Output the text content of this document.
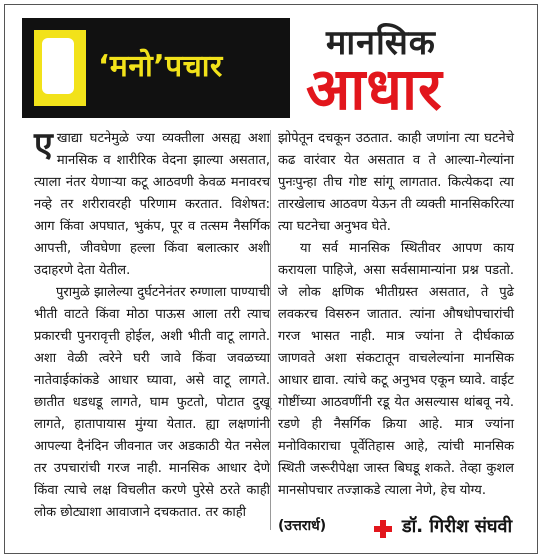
‘मनो’पचार
मानसिक
आधार

ए खाद्या घटनेमुळे ज्या व्यक्तीला असह्य अशा मानसिक व शारीरिक वेदना झाल्या असतात, त्याला नंतर येणाऱ्या कटू आठवणी केवळ मनावरच नव्हे तर शरीरावरही परिणाम करतात. विशेषत: आग किंवा अपघात, भुकंप, पूर व तत्सम नैसर्गिक आपत्ती, जीवघेणा हल्ला किंवा बलात्कार अशी उदाहरणे देता येतील.

पुरामुळे झालेल्या दुर्घटनेनंतर रुग्णाला पाण्याची भीती वाटते किंवा मोठा पाऊस आला तरी त्याच प्रकारची पुनरावृत्ती होईल, अशी भीती वाटू लागते. अशा वेळी त्वरेने घरी जावे किंवा जवळच्या नातेवाईकांकडे आधार घ्यावा, असे वाटू लागते. छातीत धडधडू लागते, घाम फुटतो, पोटात दुखू लागते, हातापायास मुंग्या येतात. ह्या लक्षणांनी आपल्या दैनंदिन जीवनात जर अडकाठी येत नसेल तर उपचारांची गरज नाही. मानसिक आधार देणे किंवा त्याचे लक्ष विचलीत करणे पुरेसे ठरते काही लोक छोट्याशा आवाजाने दचकतात. तर काही

झोपेतून दचकून उठतात. काही जणांना त्या घटनेचे कढ वारंवार येत असतात व ते आल्या-गेल्यांना पुनःपुन्हा तीच गोष्ट सांगू लागतात. कित्येकदा त्या तारखेलाच आठवण येऊन ती व्यक्ती मानसिकरित्या त्या घटनेचा अनुभव घेते.

या सर्व मानसिक स्थितीवर आपण काय करायला पाहिजे, असा सर्वसामान्यांना प्रश्न पडतो. जे लोक क्षणिक भीतीग्रस्त असतात, ते पुढे लवकरच विसरुन जातात. त्यांना औषधोपचारांची गरज भासत नाही. मात्र ज्यांना ते दीर्घकाळ जाणवते अशा संकटातून वाचलेल्यांना मानसिक आधार द्यावा. त्यांचे कटू अनुभव एकून घ्यावे. वाईट गोष्टींच्या आठवणींनी रडू येत असल्यास थांबवू नये. रडणे ही नैसर्गिक क्रिया आहे. मात्र ज्यांना मनोविकाराचा पूर्वेतिहास आहे, त्यांची मानसिक स्थिती जरूरीपेक्षा जास्त बिघडू शकते. तेव्हा कुशल मानसोपचार तज्ज्ञाकडे त्याला नेणे, हेच योग्य.

(उत्तरार्ध)	डॉ. गिरीश संघवी
